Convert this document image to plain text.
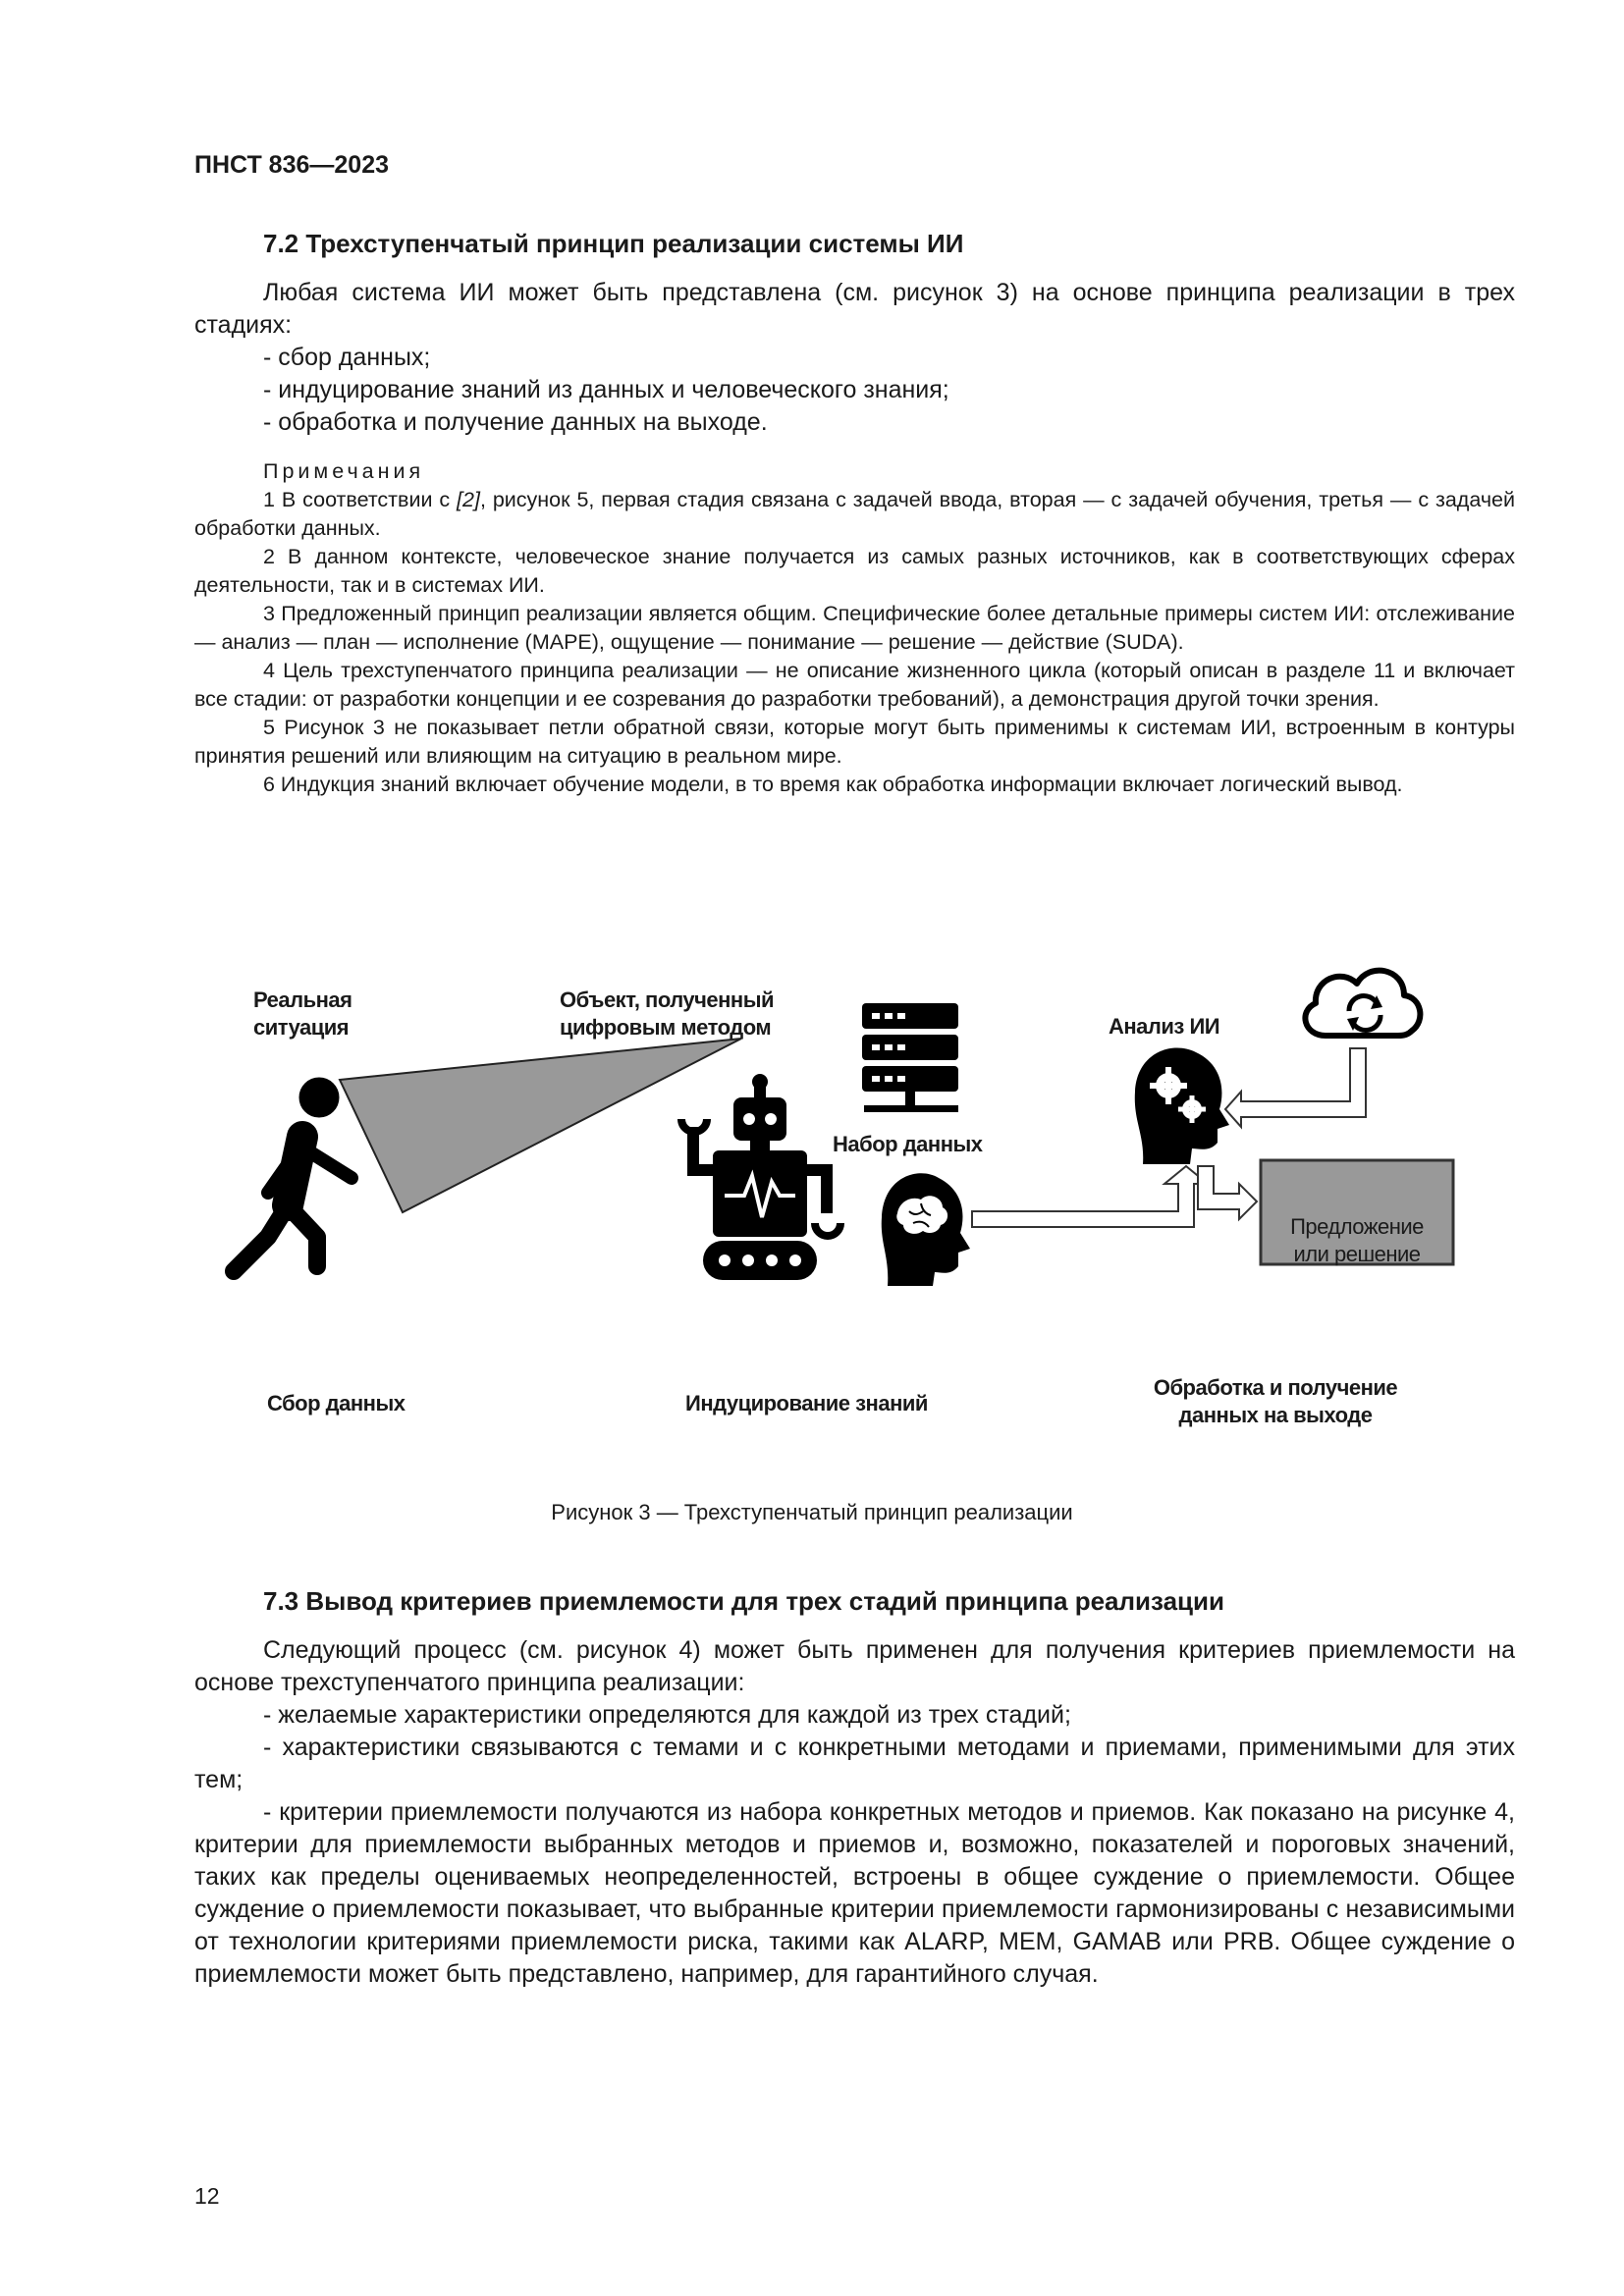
ПНСТ 836—2023
7.2 Трехступенчатый принцип реализации системы ИИ
Любая система ИИ может быть представлена (см. рисунок 3) на основе принципа реализации в трех стадиях:
- сбор данных;
- индуцирование знаний из данных и человеческого знания;
- обработка и получение данных на выходе.

Примечания

1 В соответствии с [2], рисунок 5, первая стадия связана с задачей ввода, вторая — с задачей обучения, третья — с задачей обработки данных.

2 В данном контексте, человеческое знание получается из самых разных источников, как в соответствующих сферах деятельности, так и в системах ИИ.

3 Предложенный принцип реализации является общим. Специфические более детальные примеры систем ИИ: отслеживание — анализ — план — исполнение (MAPE), ощущение — понимание — решение — действие (SUDA).

4 Цель трехступенчатого принципа реализации — не описание жизненного цикла (который описан в разделе 11 и включает все стадии: от разработки концепции и ее созревания до разработки требований), а демонстрация другой точки зрения.

5 Рисунок 3 не показывает петли обратной связи, которые могут быть применимы к системам ИИ, встроенным в контуры принятия решений или влияющим на ситуацию в реальном мире.

6 Индукция знаний включает обучение модели, в то время как обработка информации включает логический вывод.

Реальная
ситуация
Объект, полученный
цифровым методом
Набор данных
Анализ ИИ
Предложение
или решение
Сбор данных	Индуцирование знаний
Обработка и получение
данных на выходе
Рисунок 3 — Трехступенчатый принцип реализации
7.3 Вывод критериев приемлемости для трех стадий принципа реализации
Следующий процесс (см. рисунок 4) может быть применен для получения критериев приемлемости на основе трехступенчатого принципа реализации:
- желаемые характеристики определяются для каждой из трех стадий;
- характеристики связываются с темами и с конкретными методами и приемами, применимыми для этих тем;
- критерии приемлемости получаются из набора конкретных методов и приемов. Как показано на рисунке 4, критерии для приемлемости выбранных методов и приемов и, возможно, показателей и пороговых значений, таких как пределы оцениваемых неопределенностей, встроены в общее суждение о приемлемости. Общее суждение о приемлемости показывает, что выбранные критерии приемлемости гармонизированы с независимыми от технологии критериями приемлемости риска, такими как ALARP, MEM, GAMAB или PRB. Общее суждение о приемлемости может быть представлено, например, для гарантийного случая.
12
